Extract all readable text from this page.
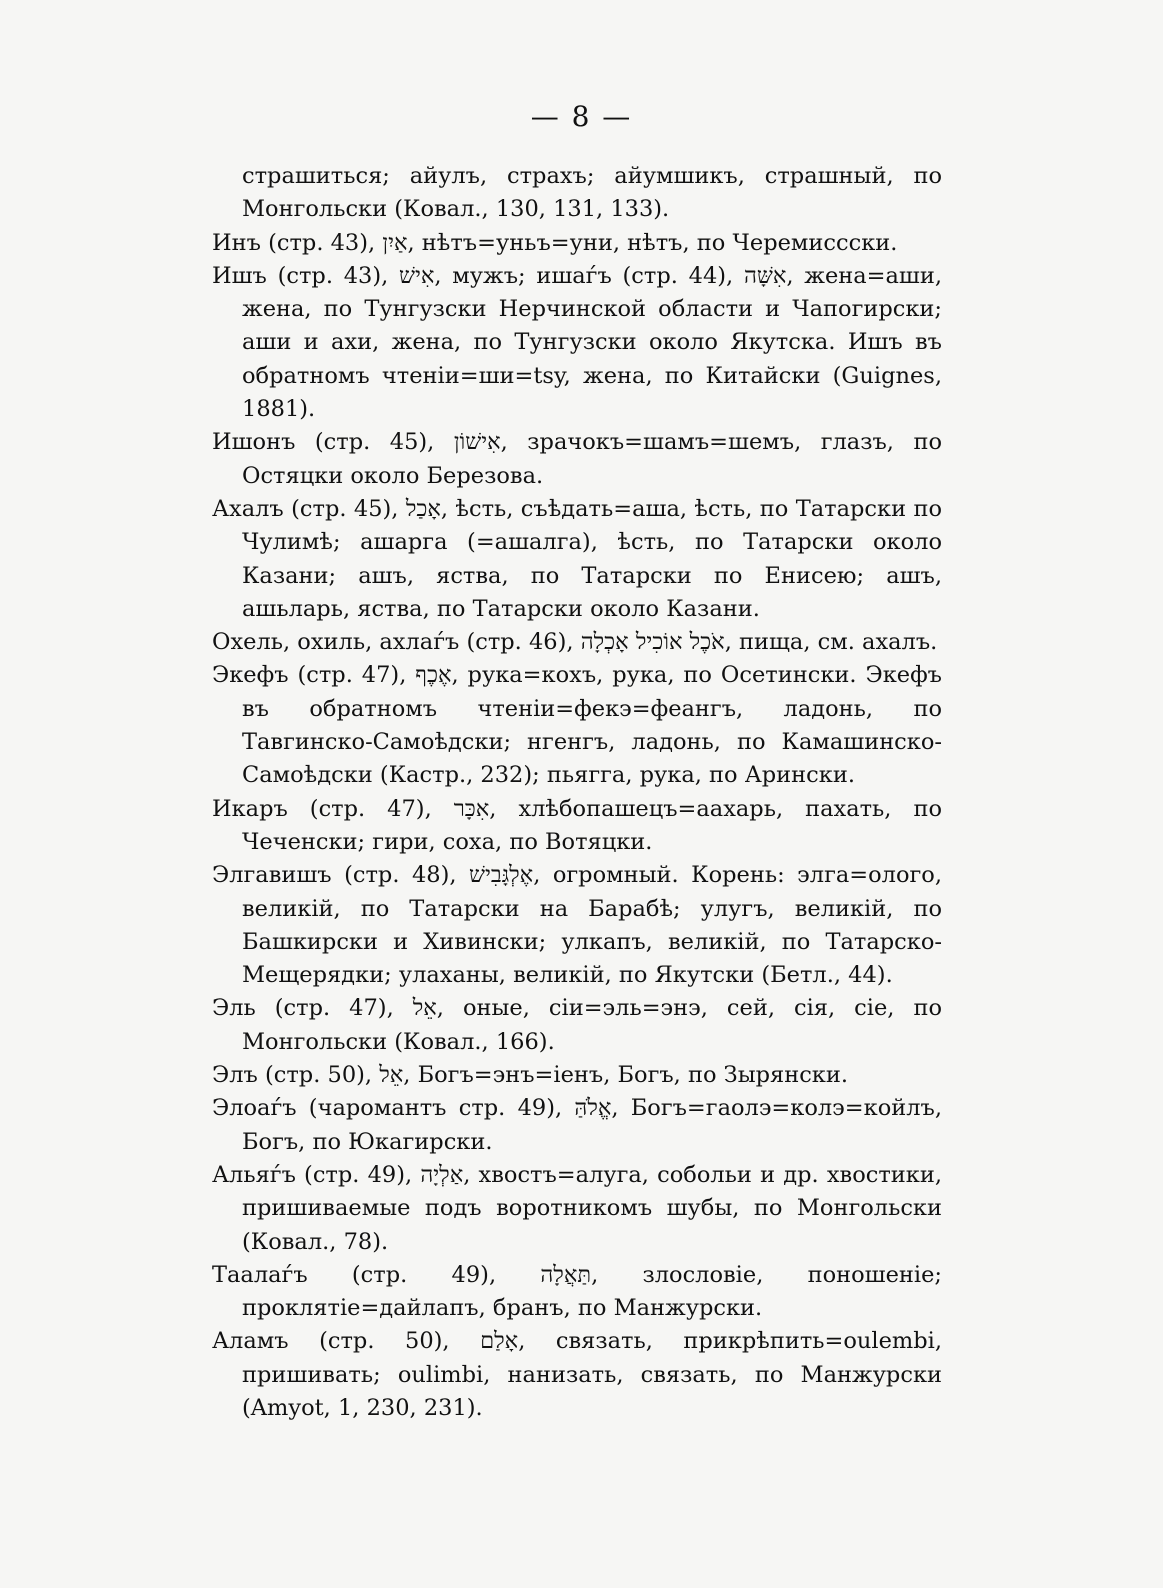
— 8 —

страшиться; айулъ, страхъ; айумшикъ, страшный, по Монгольски (Ковал., 130, 131, 133).

Инъ (стр. 43), אַיִן, нѣтъ=уньъ=уни, нѣтъ, по Черемиссски.

Ишъ (стр. 43), אִישׁ, мужъ; ишаѓъ (стр. 44), אִשָּׁה, жена=аши, жена, по Тунгузски Нерчинской области и Чапогирски; аши и ахи, жена, по Тунгузски около Якутска. Ишъ въ обратномъ чтеніи=ши=tsy, жена, по Китайски (Guignes, 1881).

Ишонъ (стр. 45), אִישׁוֹן, зрачокъ=шамъ=шемъ, глазъ, по Остяцки около Березова.

Ахалъ (стр. 45), אָכַל, ѣсть, съѣдать=аша, ѣсть, по Татарски по Чулимѣ; ашарга (=ашалга), ѣсть, по Татарски около Казани; ашъ, яства, по Татарски по Енисею; ашъ, ашьларь, яства, по Татарски около Казани.

Охель, охиль, ахлаѓъ (стр. 46), אֹכֶל אוֹכִיל אָכְלָה, пища, см. ахалъ.

Экефъ (стр. 47), אֶכֶף, рука=кохъ, рука, по Осетински. Экефъ въ обратномъ чтеніи=фекэ=феангъ, ладонь, по Тавгинско-Самоѣдски; нгенгъ, ладонь, по Камашинско-Самоѣдски (Кастр., 232); пьягга, рука, по Арински.

Икаръ (стр. 47), אִכָּר, хлѣбопашецъ=аахарь, пахать, по Чеченски; гири, соха, по Вотяцки.

Элгавишъ (стр. 48), אֶלְגָּבִישׁ, огромный. Корень: элга=олого, великій, по Татарски на Барабѣ; улугъ, великій, по Башкирски и Хивински; улкапъ, великій, по Татарско-Мещерядки; улаханы, великій, по Якутски (Бетл., 44).

Эль (стр. 47), אֵל, оные, сіи=эль=энэ, сей, сія, сіе, по Монгольски (Ковал., 166).

Элъ (стр. 50), אֵל, Богъ=энъ=іенъ, Богъ, по Зырянски.

Элоаѓъ (чаромантъ стр. 49), אֱלֹהַּ, Богъ=гаолэ=колэ=койлъ, Богъ, по Юкагирски.

Альяѓъ (стр. 49), אַלְיָה, хвостъ=алуга, собольи и др. хвостики, пришиваемые подъ воротникомъ шубы, по Монгольски (Ковал., 78).

Таалаѓъ (стр. 49), תַּאֲלָה, злословіе, поношеніе; проклятіе=дайлапъ, бранъ, по Манжурски.

Аламъ (стр. 50), אָלַם, связать, прикрѣпить=oulembi, пришивать; oulimbi, нанизать, связать, по Манжурски (Amyot, 1, 230, 231).
